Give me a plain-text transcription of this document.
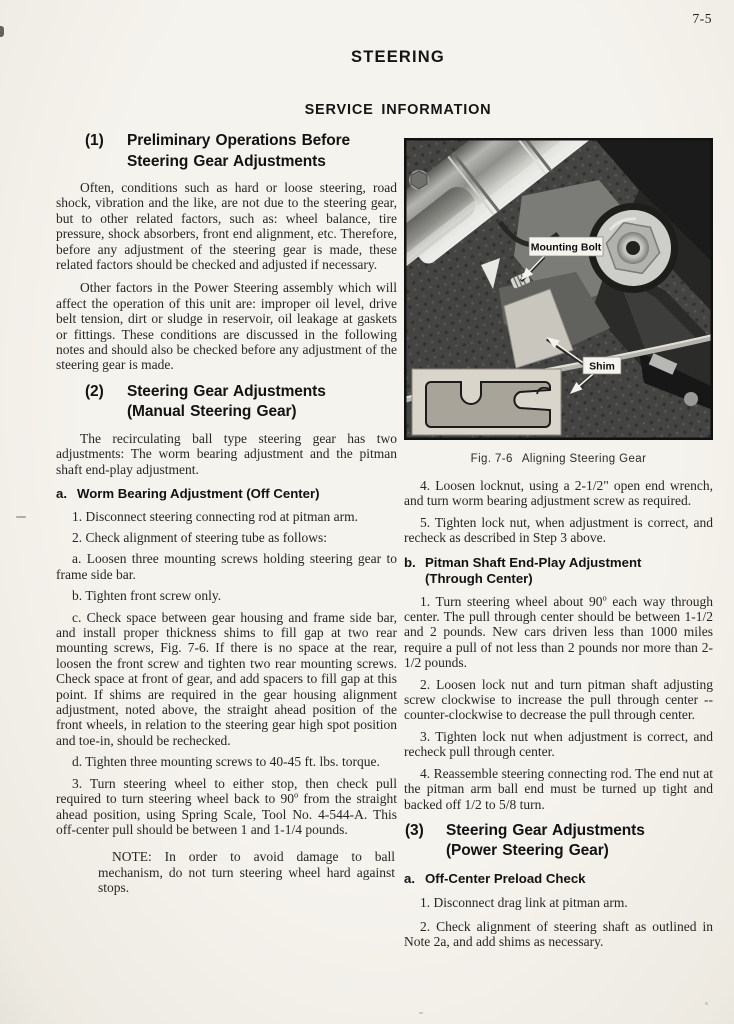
7-5
STEERING
SERVICE INFORMATION
(1)	Preliminary Operations Before
Steering Gear Adjustments

Often, conditions such as hard or loose steering, road shock, vibration and the like, are not due to the steering gear, but to other related factors, such as: wheel balance, tire pressure, shock absorbers, front end alignment, etc. Therefore, before any adjustment of the steering gear is made, these related factors should be checked and adjusted if necessary.

Other factors in the Power Steering assembly which will affect the operation of this unit are: improper oil level, drive belt tension, dirt or sludge in reservoir, oil leakage at gaskets or fittings. These conditions are discussed in the following notes and should also be checked before any adjustment of the steering gear is made.

(2)	Steering Gear Adjustments
(Manual Steering Gear)

The recirculating ball type steering gear has two adjustments: The worm bearing adjustment and the pitman shaft end-play adjustment.

a. Worm Bearing Adjustment (Off Center)

1. Disconnect steering connecting rod at pitman arm.

2. Check alignment of steering tube as follows:

a. Loosen three mounting screws holding steering gear to frame side bar.

b. Tighten front screw only.

c. Check space between gear housing and frame side bar, and install proper thickness shims to fill gap at two rear mounting screws, Fig. 7-6. If there is no space at the rear, loosen the front screw and tighten two rear mounting screws. Check space at front of gear, and add spacers to fill gap at this point. If shims are required in the gear housing alignment adjustment, noted above, the straight ahead position of the front wheels, in relation to the steering gear high spot position and toe-in, should be rechecked.

d. Tighten three mounting screws to 40-45 ft. lbs. torque.

3. Turn steering wheel to either stop, then check pull required to turn steering wheel back to 90$^o$ from the straight ahead position, using Spring Scale, Tool No. 4-544-A. This off-center pull should be between 1 and 1-1/4 pounds.

NOTE: In order to avoid damage to ball mechanism, do not turn steering wheel hard against stops.

Mounting Bolt
Shim
Fig. 7-6 Aligning Steering Gear

4. Loosen locknut, using a 2-1/2" open end wrench, and turn worm bearing adjustment screw as required.

5. Tighten lock nut, when adjustment is correct, and recheck as described in Step 3 above.

b. Pitman Shaft End-Play Adjustment
(Through Center)

1. Turn steering wheel about 90$^o$ each way through center. The pull through center should be between 1-1/2 and 2 pounds. New cars driven less than 1000 miles require a pull of not less than 2 pounds nor more than 2-1/2 pounds.

2. Loosen lock nut and turn pitman shaft adjusting screw clockwise to increase the pull through center -- counter-clockwise to decrease the pull through center.

3. Tighten lock nut when adjustment is correct, and recheck pull through center.

4. Reassemble steering connecting rod. The end nut at the pitman arm ball end must be turned up tight and backed off 1/2 to 5/8 turn.

(3)	Steering Gear Adjustments
(Power Steering Gear)
a. Off-Center Preload Check

1. Disconnect drag link at pitman arm.

2. Check alignment of steering shaft as outlined in Note 2a, and add shims as necessary.
